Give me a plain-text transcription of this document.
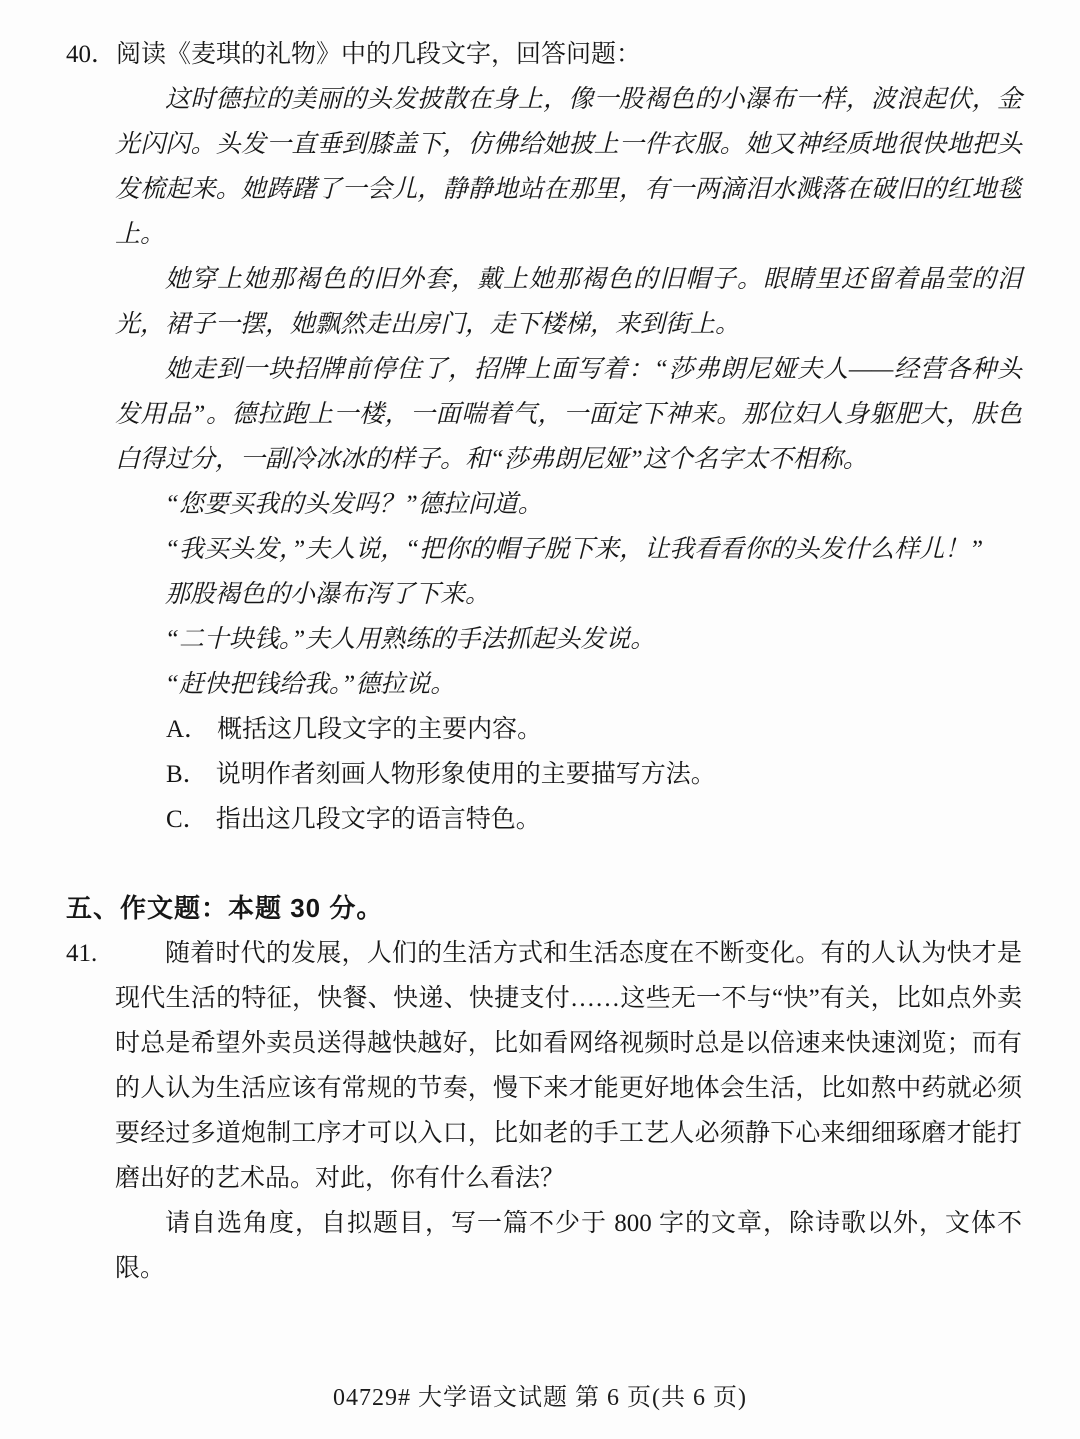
40．阅读《麦琪的礼物》中的几段文字，回答问题：

这时德拉的美丽的头发披散在身上，像一股褐色的小瀑布一样，波浪起伏，金光闪闪。头发一直垂到膝盖下，仿佛给她披上一件衣服。她又神经质地很快地把头发梳起来。她踌躇了一会儿，静静地站在那里，有一两滴泪水溅落在破旧的红地毯上。

她穿上她那褐色的旧外套，戴上她那褐色的旧帽子。眼睛里还留着晶莹的泪光，裙子一摆，她飘然走出房门，走下楼梯，来到街上。

她走到一块招牌前停住了，招牌上面写着：“莎弗朗尼娅夫人——经营各种头发用品”。德拉跑上一楼，一面喘着气，一面定下神来。那位妇人身躯肥大，肤色白得过分，一副冷冰冰的样子。和“莎弗朗尼娅”这个名字太不相称。

“您要买我的头发吗？”德拉问道。

“我买头发，”夫人说，“把你的帽子脱下来，让我看看你的头发什么样儿！”

那股褐色的小瀑布泻了下来。

“二十块钱。”夫人用熟练的手法抓起头发说。

“赶快把钱给我。”德拉说。

A． 概括这几段文字的主要内容。

B． 说明作者刻画人物形象使用的主要描写方法。

C． 指出这几段文字的语言特色。

五、作文题：本题 30 分。

41.	随着时代的发展，人们的生活方式和生活态度在不断变化。有的人认为快才是现代生活的特征，快餐、快递、快捷支付……这些无一不与“快”有关，比如点外卖时总是希望外卖员送得越快越好，比如看网络视频时总是以倍速来快速浏览；而有的人认为生活应该有常规的节奏，慢下来才能更好地体会生活，比如熬中药就必须要经过多道炮制工序才可以入口，比如老的手工艺人必须静下心来细细琢磨才能打磨出好的艺术品。对此，你有什么看法？

请自选角度，自拟题目，写一篇不少于 800 字的文章，除诗歌以外，文体不限。

04729# 大学语文试题 第 6 页(共 6 页)
